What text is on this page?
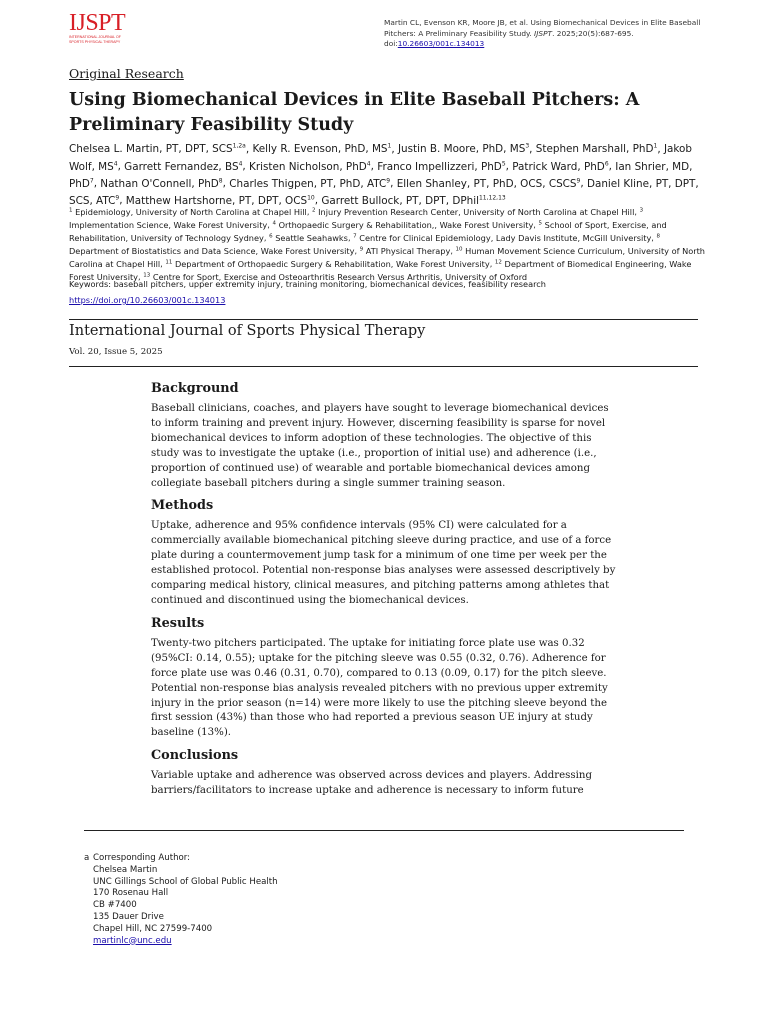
IJSPT
INTERNATIONAL JOURNAL OF
SPORTS PHYSICAL THERAPY
Martin CL, Evenson KR, Moore JB, et al. Using Biomechanical Devices in Elite Baseball
Pitchers: A Preliminary Feasibility Study. IJSPT. 2025;20(5):687-695.
doi:10.26603/001c.134013
Original Research
Using Biomechanical Devices in Elite Baseball Pitchers: A Preliminary Feasibility Study
Chelsea L. Martin, PT, DPT, $SCS^{1,2a}$, Kelly R. Evenson, PhD, $MS^1$, Justin B. Moore, PhD, $MS^3$, Stephen Marshall, PhD$^1$, Jakob Wolf, $MS^4$, Garrett Fernandez, $BS^4$, Kristen Nicholson, PhD$^4$, Franco Impellizzeri, PhD$^5$, Patrick Ward, PhD$^6$, Ian Shrier, MD, PhD$^7$, Nathan O'Connell, PhD$^8$, Charles Thigpen, PT, PhD, ATC$^9$, Ellen Shanley, PT, PhD, OCS, CSCS$^9$, Daniel Kline, PT, DPT, SCS, ATC$^9$, Matthew Hartshorne, PT, DPT, OCS$^{10}$, Garrett Bullock, PT, DPT, DPhil$^{11,12,13}$
$^1$ Epidemiology, University of North Carolina at Chapel Hill, $^2$ Injury Prevention Research Center, University of North Carolina at Chapel Hill, $^3$ Implementation Science, Wake Forest University, $^4$ Orthopaedic Surgery & Rehabilitation,, Wake Forest University, $^5$ School of Sport, Exercise, and Rehabilitation, University of Technology Sydney, $^6$ Seattle Seahawks, $^7$ Centre for Clinical Epidemiology, Lady Davis Institute, McGill University, $^8$ Department of Biostatistics and Data Science, Wake Forest University, $^9$ ATI Physical Therapy, $^{10}$ Human Movement Science Curriculum, University of North Carolina at Chapel Hill, $^{11}$ Department of Orthopaedic Surgery & Rehabilitation, Wake Forest University, $^{12}$ Department of Biomedical Engineering, Wake Forest University, $^{13}$ Centre for Sport, Exercise and Osteoarthritis Research Versus Arthritis, University of Oxford
Keywords: baseball pitchers, upper extremity injury, training monitoring, biomechanical devices, feasibility research
https://doi.org/10.26603/001c.134013
International Journal of Sports Physical Therapy
Vol. 20, Issue 5, 2025
Background

Baseball clinicians, coaches, and players have sought to leverage biomechanical devices to inform training and prevent injury. However, discerning feasibility is sparse for novel biomechanical devices to inform adoption of these technologies. The objective of this study was to investigate the uptake (i.e., proportion of initial use) and adherence (i.e., proportion of continued use) of wearable and portable biomechanical devices among collegiate baseball pitchers during a single summer training season.

Methods

Uptake, adherence and 95% confidence intervals (95% CI) were calculated for a commercially available biomechanical pitching sleeve during practice, and use of a force plate during a countermovement jump task for a minimum of one time per week per the established protocol. Potential non-response bias analyses were assessed descriptively by comparing medical history, clinical measures, and pitching patterns among athletes that continued and discontinued using the biomechanical devices.

Results

Twenty-two pitchers participated. The uptake for initiating force plate use was 0.32 (95%CI: 0.14, 0.55); uptake for the pitching sleeve was 0.55 (0.32, 0.76). Adherence for force plate use was 0.46 (0.31, 0.70), compared to 0.13 (0.09, 0.17) for the pitch sleeve. Potential non-response bias analysis revealed pitchers with no previous upper extremity injury in the prior season (n=14) were more likely to use the pitching sleeve beyond the first session (43%) than those who had reported a previous season UE injury at study baseline (13%).

Conclusions

Variable uptake and adherence was observed across devices and players. Addressing barriers/facilitators to increase uptake and adherence is necessary to inform future

a Corresponding Author:
Chelsea Martin
UNC Gillings School of Global Public Health
170 Rosenau Hall
CB #7400
135 Dauer Drive
Chapel Hill, NC 27599-7400
martinlc@unc.edu
